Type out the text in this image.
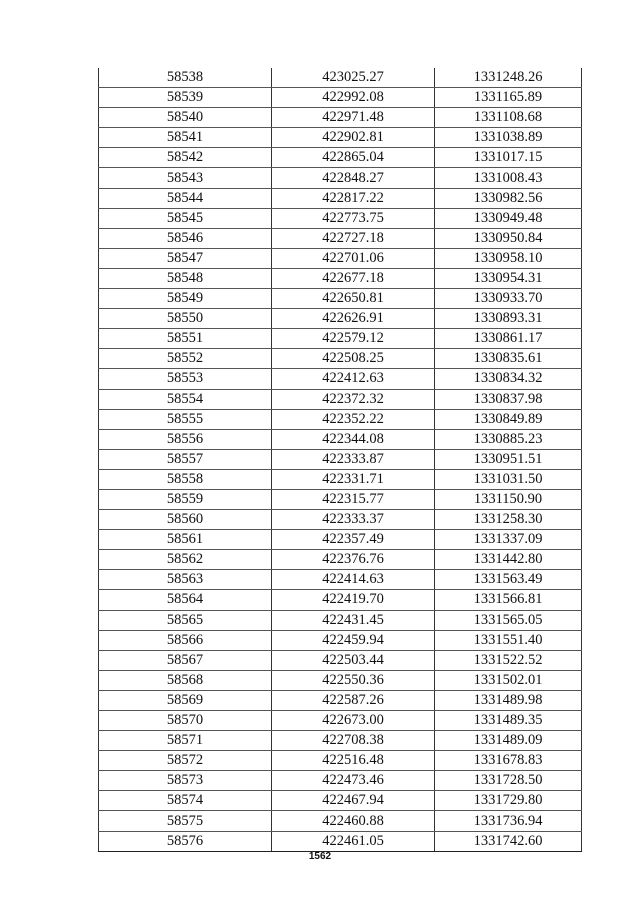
58538	423025.27	1331248.26
58539	422992.08	1331165.89
58540	422971.48	1331108.68
58541	422902.81	1331038.89
58542	422865.04	1331017.15
58543	422848.27	1331008.43
58544	422817.22	1330982.56
58545	422773.75	1330949.48
58546	422727.18	1330950.84
58547	422701.06	1330958.10
58548	422677.18	1330954.31
58549	422650.81	1330933.70
58550	422626.91	1330893.31
58551	422579.12	1330861.17
58552	422508.25	1330835.61
58553	422412.63	1330834.32
58554	422372.32	1330837.98
58555	422352.22	1330849.89
58556	422344.08	1330885.23
58557	422333.87	1330951.51
58558	422331.71	1331031.50
58559	422315.77	1331150.90
58560	422333.37	1331258.30
58561	422357.49	1331337.09
58562	422376.76	1331442.80
58563	422414.63	1331563.49
58564	422419.70	1331566.81
58565	422431.45	1331565.05
58566	422459.94	1331551.40
58567	422503.44	1331522.52
58568	422550.36	1331502.01
58569	422587.26	1331489.98
58570	422673.00	1331489.35
58571	422708.38	1331489.09
58572	422516.48	1331678.83
58573	422473.46	1331728.50
58574	422467.94	1331729.80
58575	422460.88	1331736.94
58576	422461.05	1331742.60
1562
